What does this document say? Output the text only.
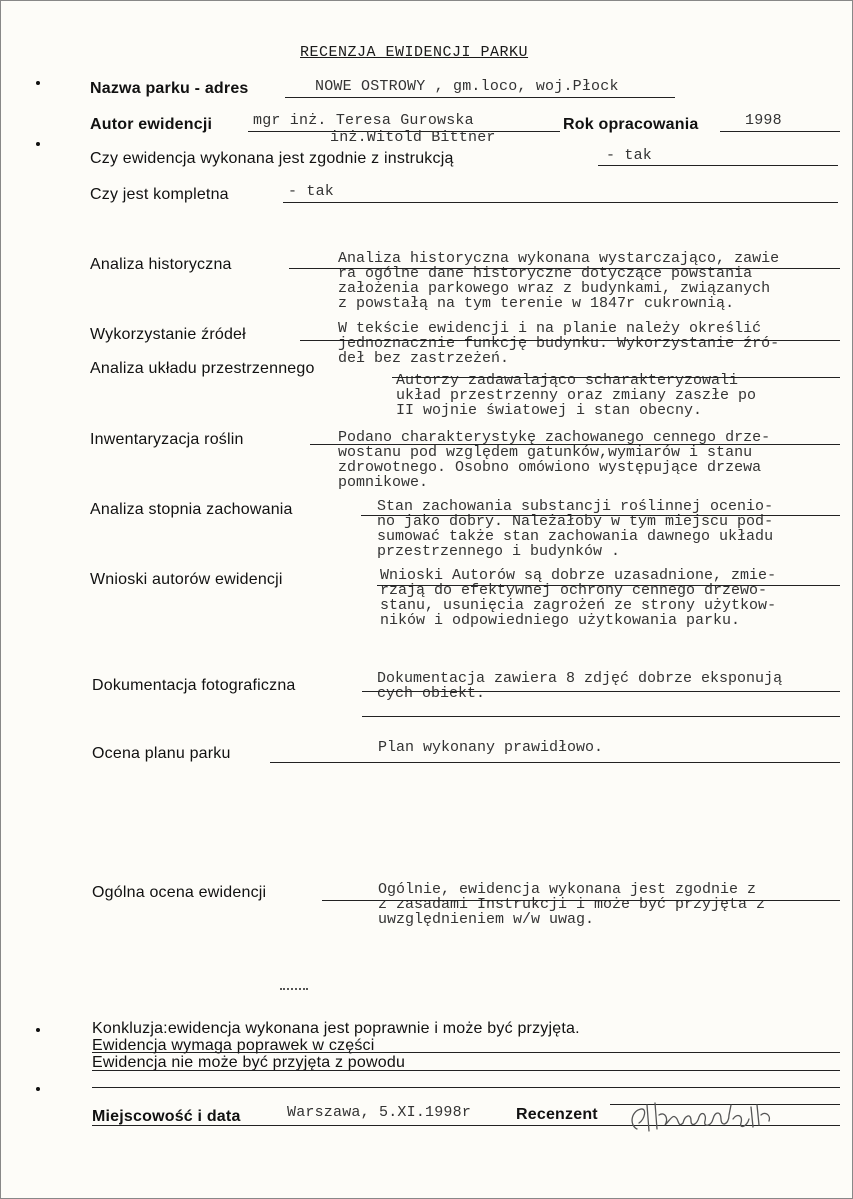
RECENZJA EWIDENCJI PARKU
Nazwa parku - adres	NOWE OSTROWY , gm.loco, woj.Płock
Autor ewidencji	mgr inż. Teresa Gurowska
inż.Witold Bittner
Rok opracowania	1998
Czy ewidencja wykonana jest zgodnie z instrukcją	- tak
Czy jest kompletna	- tak
Analiza historyczna	Analiza historyczna wykonana wystarczająco, zawie
ra ogólne dane historyczne dotyczące powstania
założenia parkowego wraz z budynkami, związanych
z powstałą na tym terenie w 1847r cukrownią.
Wykorzystanie źródeł	W tekście ewidencji i na planie należy określić
jednoznacznie funkcję budynku. Wykorzystanie źró-
deł bez zastrzeżeń.
Analiza układu przestrzennego
Autorzy zadawalająco scharakteryzowali
układ przestrzenny oraz zmiany zaszłe po
II wojnie światowej i stan obecny.
Inwentaryzacja roślin	Podano charakterystykę zachowanego cennego drze-
wostanu pod względem gatunków,wymiarów i stanu
zdrowotnego. Osobno omówiono występujące drzewa
pomnikowe.
Analiza stopnia zachowania	Stan zachowania substancji roślinnej ocenio-
no jako dobry. Należałoby w tym miejscu pod-
sumować także stan zachowania dawnego układu
przestrzennego i budynków .
Wnioski autorów ewidencji	Wnioski Autorów są dobrze uzasadnione, zmie-
rzają do efektywnej ochrony cennego drzewo-
stanu, usunięcia zagrożeń ze strony użytkow-
ników i odpowiedniego użytkowania parku.
Dokumentacja fotograficzna	Dokumentacja zawiera 8 zdjęć dobrze eksponują
cych obiekt.
Ocena planu parku	Plan wykonany prawidłowo.
Ogólna ocena ewidencji	Ogólnie, ewidencja wykonana jest zgodnie z
z zasadami Instrukcji i może być przyjęta z
uwzględnieniem w/w uwag.
Konkluzja:ewidencja wykonana jest poprawnie i może być przyjęta.
Ewidencja wymaga poprawek w części
Ewidencja nie może być przyjęta z powodu
Miejscowość i data	Warszawa, 5.XI.1998r	Recenzent
